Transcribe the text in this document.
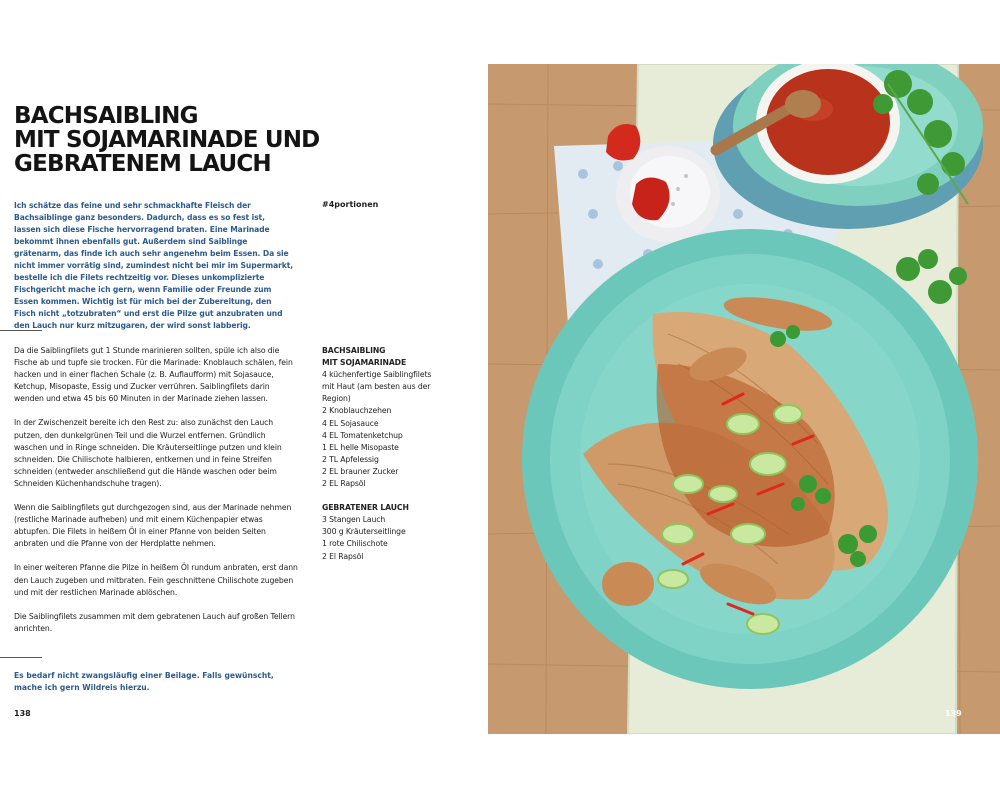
BACHSAIBLING
MIT SOJAMARINADE UND
GEBRATENEM LAUCH

Ich schätze das feine und sehr schmackhafte Fleisch der Bachsaiblinge ganz besonders. Dadurch, dass es so fest ist, lassen sich diese Fische hervorragend braten. Eine Marinade bekommt ihnen ebenfalls gut. Außerdem sind Saiblinge grätenarm, das finde ich auch sehr angenehm beim Essen. Da sie nicht immer vorrätig sind, zumindest nicht bei mir im Supermarkt, bestelle ich die Filets rechtzeitig vor. Dieses unkomplizierte Fischgericht mache ich gern, wenn Familie oder Freunde zum Essen kommen. Wichtig ist für mich bei der Zubereitung, den Fisch nicht „totzubraten“ und erst die Pilze gut anzubraten und den Lauch nur kurz mitzugaren, der wird sonst labberig.

#4portionen

Da die Saiblingfilets gut 1 Stunde marinieren sollten, spüle ich also die Fische ab und tupfe sie trocken. Für die Marinade: Knoblauch schälen, fein hacken und in einer flachen Schale (z. B. Auflaufform) mit Sojasauce, Ketchup, Misopaste, Essig und Zucker verrühren. Saiblingfilets darin wenden und etwa 45 bis 60 Minuten in der Marinade ziehen lassen.

In der Zwischenzeit bereite ich den Rest zu: also zunächst den Lauch putzen, den dunkelgrünen Teil und die Wurzel entfernen. Gründlich waschen und in Ringe schneiden. Die Kräuterseitlinge putzen und klein schneiden. Die Chilischote halbieren, entkernen und in feine Streifen schneiden (entweder anschließend gut die Hände waschen oder beim Schneiden Küchenhandschuhe tragen).

Wenn die Saiblingfilets gut durchgezogen sind, aus der Marinade nehmen (restliche Marinade aufheben) und mit einem Küchenpapier etwas abtupfen. Die Filets in heißem Öl in einer Pfanne von beiden Seiten anbraten und die Pfanne von der Herdplatte nehmen.

In einer weiteren Pfanne die Pilze in heißem Öl rundum anbraten, erst dann den Lauch zugeben und mitbraten. Fein geschnittene Chilischote zugeben und mit der restlichen Marinade ablöschen.

Die Saiblingfilets zusammen mit dem gebratenen Lauch auf großen Tellern anrichten.

BACHSAIBLING
MIT SOJAMARINADE
4 küchenfertige Saiblingfilets
mit Haut (am besten aus der
Region)
2 Knoblauchzehen
4 EL Sojasauce
4 EL Tomatenketchup
1 EL helle Misopaste
2 TL Apfelessig
2 EL brauner Zucker
2 EL Rapsöl
GEBRATENER LAUCH
3 Stangen Lauch
300 g Kräuterseitlinge
1 rote Chilischote
2 El Rapsöl

Es bedarf nicht zwangsläufig einer Beilage. Falls gewünscht, mache ich gern Wildreis hierzu.

138	139
